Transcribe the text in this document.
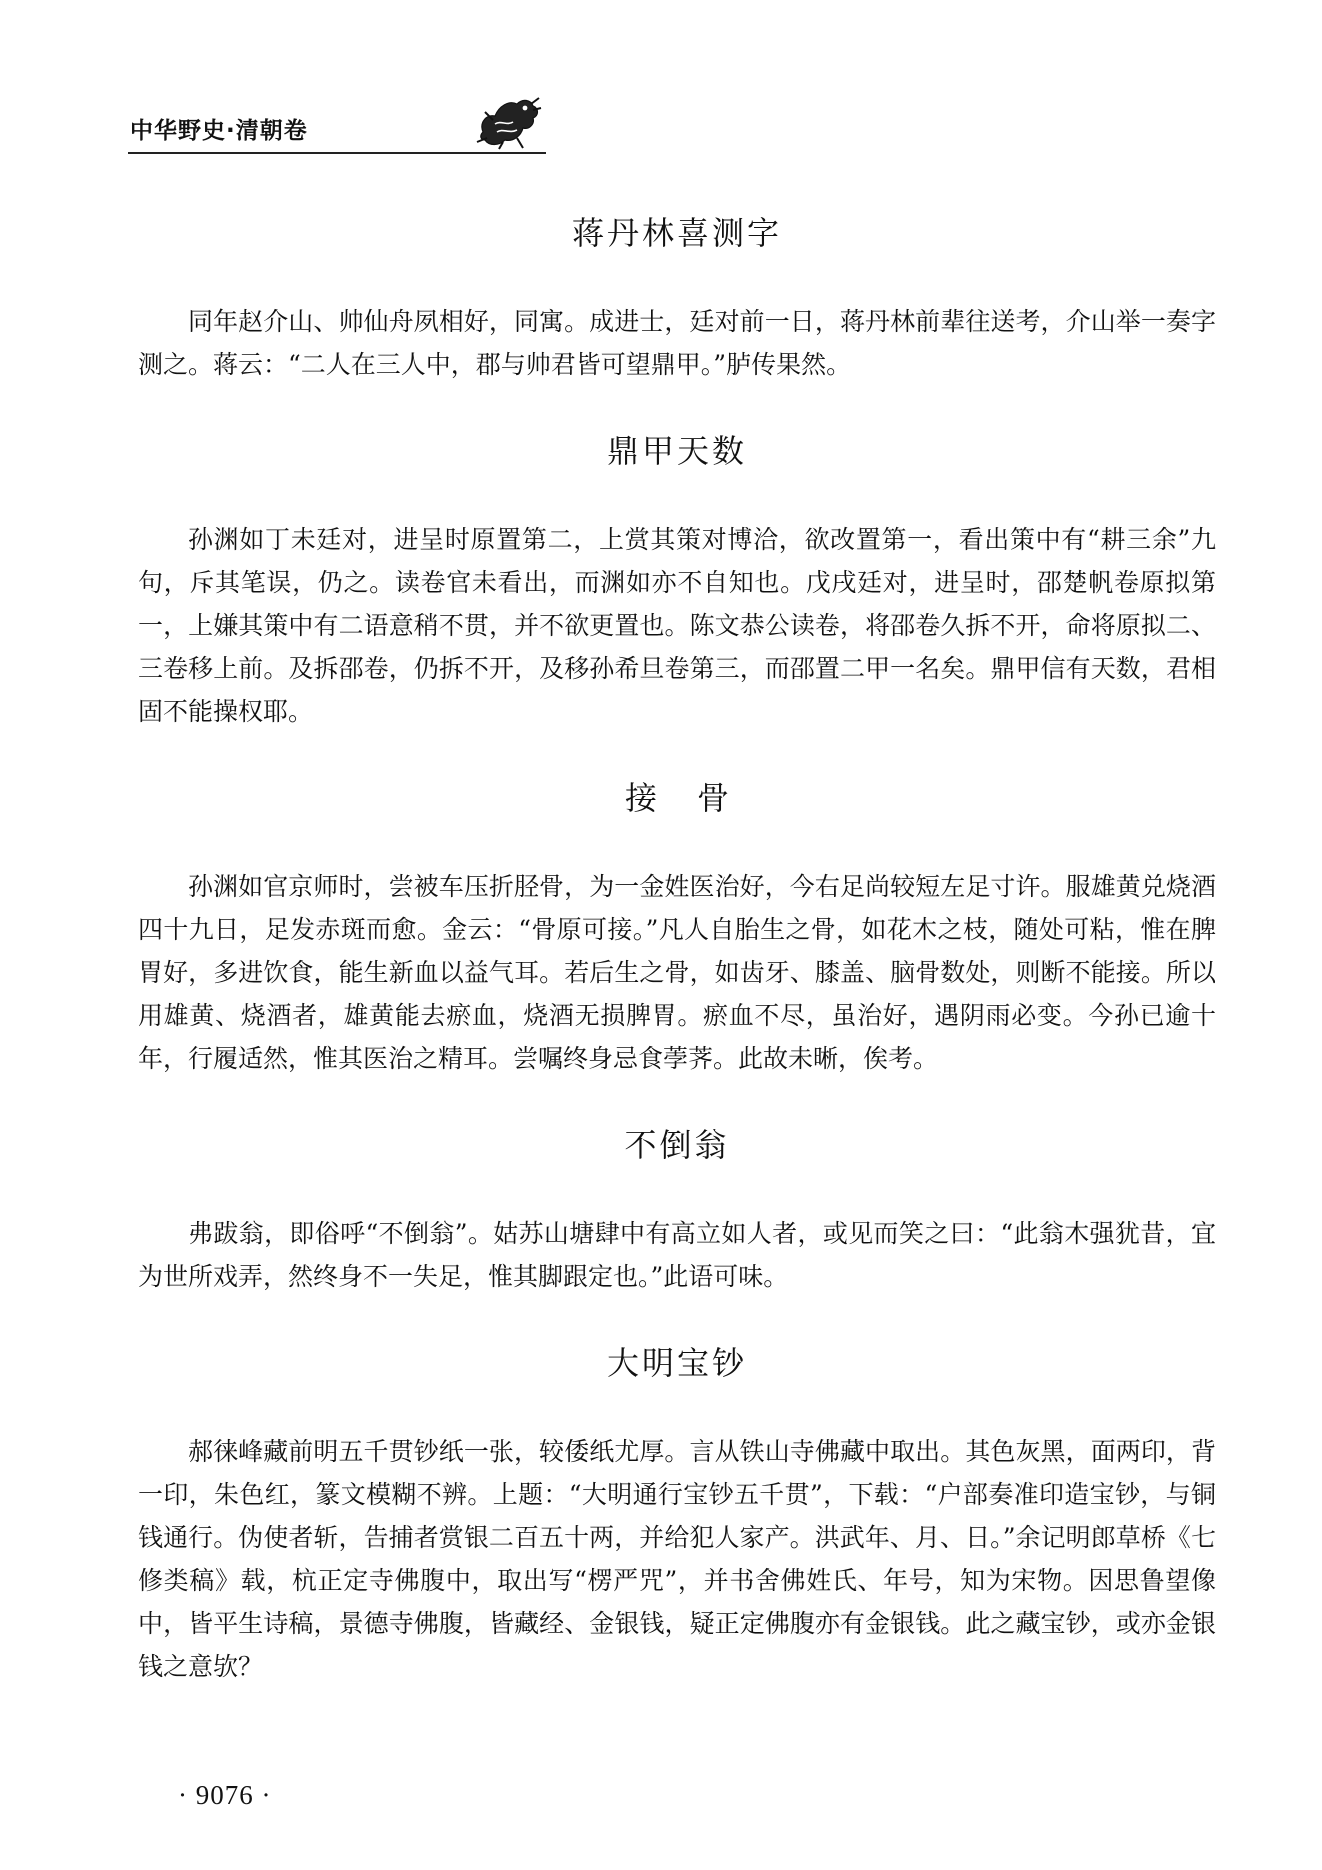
中华野史·清朝卷
蒋丹林喜测字

同年赵介山、帅仙舟夙相好，同寓。成进士，廷对前一日，蒋丹林前辈往送考，介山举一奏字测之。蒋云：“二人在三人中，郡与帅君皆可望鼎甲。”胪传果然。

鼎甲天数

孙渊如丁未廷对，进呈时原置第二，上赏其策对博洽，欲改置第一，看出策中有“耕三余”九句，斥其笔误，仍之。读卷官未看出，而渊如亦不自知也。戊戌廷对，进呈时，邵楚帆卷原拟第一，上嫌其策中有二语意稍不贯，并不欲更置也。陈文恭公读卷，将邵卷久拆不开，命将原拟二、三卷移上前。及拆邵卷，仍拆不开，及移孙希旦卷第三，而邵置二甲一名矣。鼎甲信有天数，君相固不能操权耶。

接骨

孙渊如官京师时，尝被车压折胫骨，为一金姓医治好，今右足尚较短左足寸许。服雄黄兑烧酒四十九日，足发赤斑而愈。金云：“骨原可接。”凡人自胎生之骨，如花木之枝，随处可粘，惟在脾胃好，多进饮食，能生新血以益气耳。若后生之骨，如齿牙、膝盖、脑骨数处，则断不能接。所以用雄黄、烧酒者，雄黄能去瘀血，烧酒无损脾胃。瘀血不尽，虽治好，遇阴雨必变。今孙已逾十年，行履适然，惟其医治之精耳。尝嘱终身忌食荸荠。此故未晰，俟考。

不倒翁

弗跋翁，即俗呼“不倒翁”。姑苏山塘肆中有高立如人者，或见而笑之曰：“此翁木强犹昔，宜为世所戏弄，然终身不一失足，惟其脚跟定也。”此语可味。

大明宝钞

郝徕峰藏前明五千贯钞纸一张，较倭纸尤厚。言从铁山寺佛藏中取出。其色灰黑，面两印，背一印，朱色红，篆文模糊不辨。上题：“大明通行宝钞五千贯”，下载：“户部奏准印造宝钞，与铜钱通行。伪使者斩，告捕者赏银二百五十两，并给犯人家产。洪武年、月、日。”余记明郎草桥《七修类稿》载，杭正定寺佛腹中，取出写“楞严咒”，并书舍佛姓氏、年号，知为宋物。因思鲁望像中，皆平生诗稿，景德寺佛腹，皆藏经、金银钱，疑正定佛腹亦有金银钱。此之藏宝钞，或亦金银钱之意欤？

· 9076 ·
